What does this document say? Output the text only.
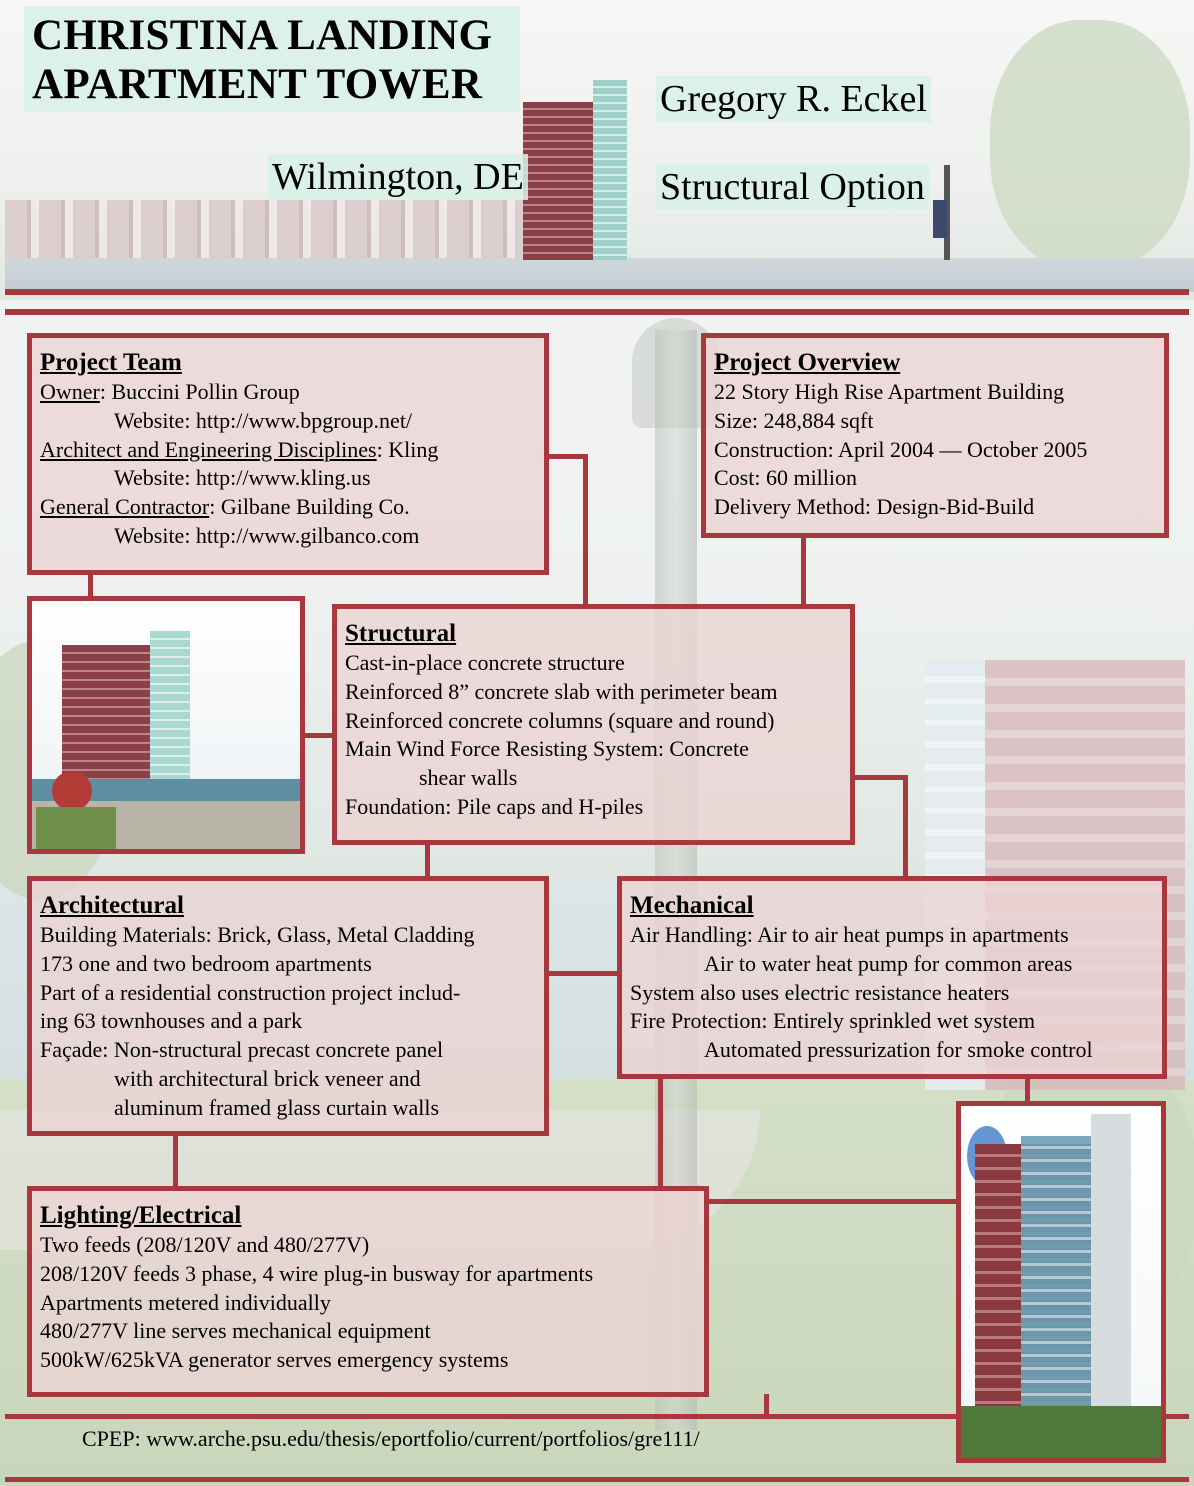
CHRISTINA LANDING
APARTMENT TOWER
Wilmington, DE
Gregory R. Eckel
Structural Option
Project Team
Owner: Buccini Pollin Group
Website: http://www.bpgroup.net/
Architect and Engineering Disciplines: Kling
Website: http://www.kling.us
General Contractor: Gilbane Building Co.
Website: http://www.gilbanco.com
Project Overview
22 Story High Rise Apartment Building
Size: 248,884 sqft
Construction: April 2004 — October 2005
Cost: 60 million
Delivery Method: Design-Bid-Build
Structural
Cast-in-place concrete structure
Reinforced 8” concrete slab with perimeter beam
Reinforced concrete columns (square and round)
Main Wind Force Resisting System: Concrete
shear walls
Foundation: Pile caps and H-piles
Architectural
Building Materials: Brick, Glass, Metal Cladding
173 one and two bedroom apartments
Part of a residential construction project includ-
ing 63 townhouses and a park
Façade: Non-structural precast concrete panel
with architectural brick veneer and
aluminum framed glass curtain walls
Mechanical
Air Handling: Air to air heat pumps in apartments
Air to water heat pump for common areas
System also uses electric resistance heaters
Fire Protection: Entirely sprinkled wet system
Automated pressurization for smoke control
Lighting/Electrical
Two feeds (208/120V and 480/277V)
208/120V feeds 3 phase, 4 wire plug-in busway for apartments
Apartments metered individually
480/277V line serves mechanical equipment
500kW/625kVA generator serves emergency systems
CPEP: www.arche.psu.edu/thesis/eportfolio/current/portfolios/gre111/
